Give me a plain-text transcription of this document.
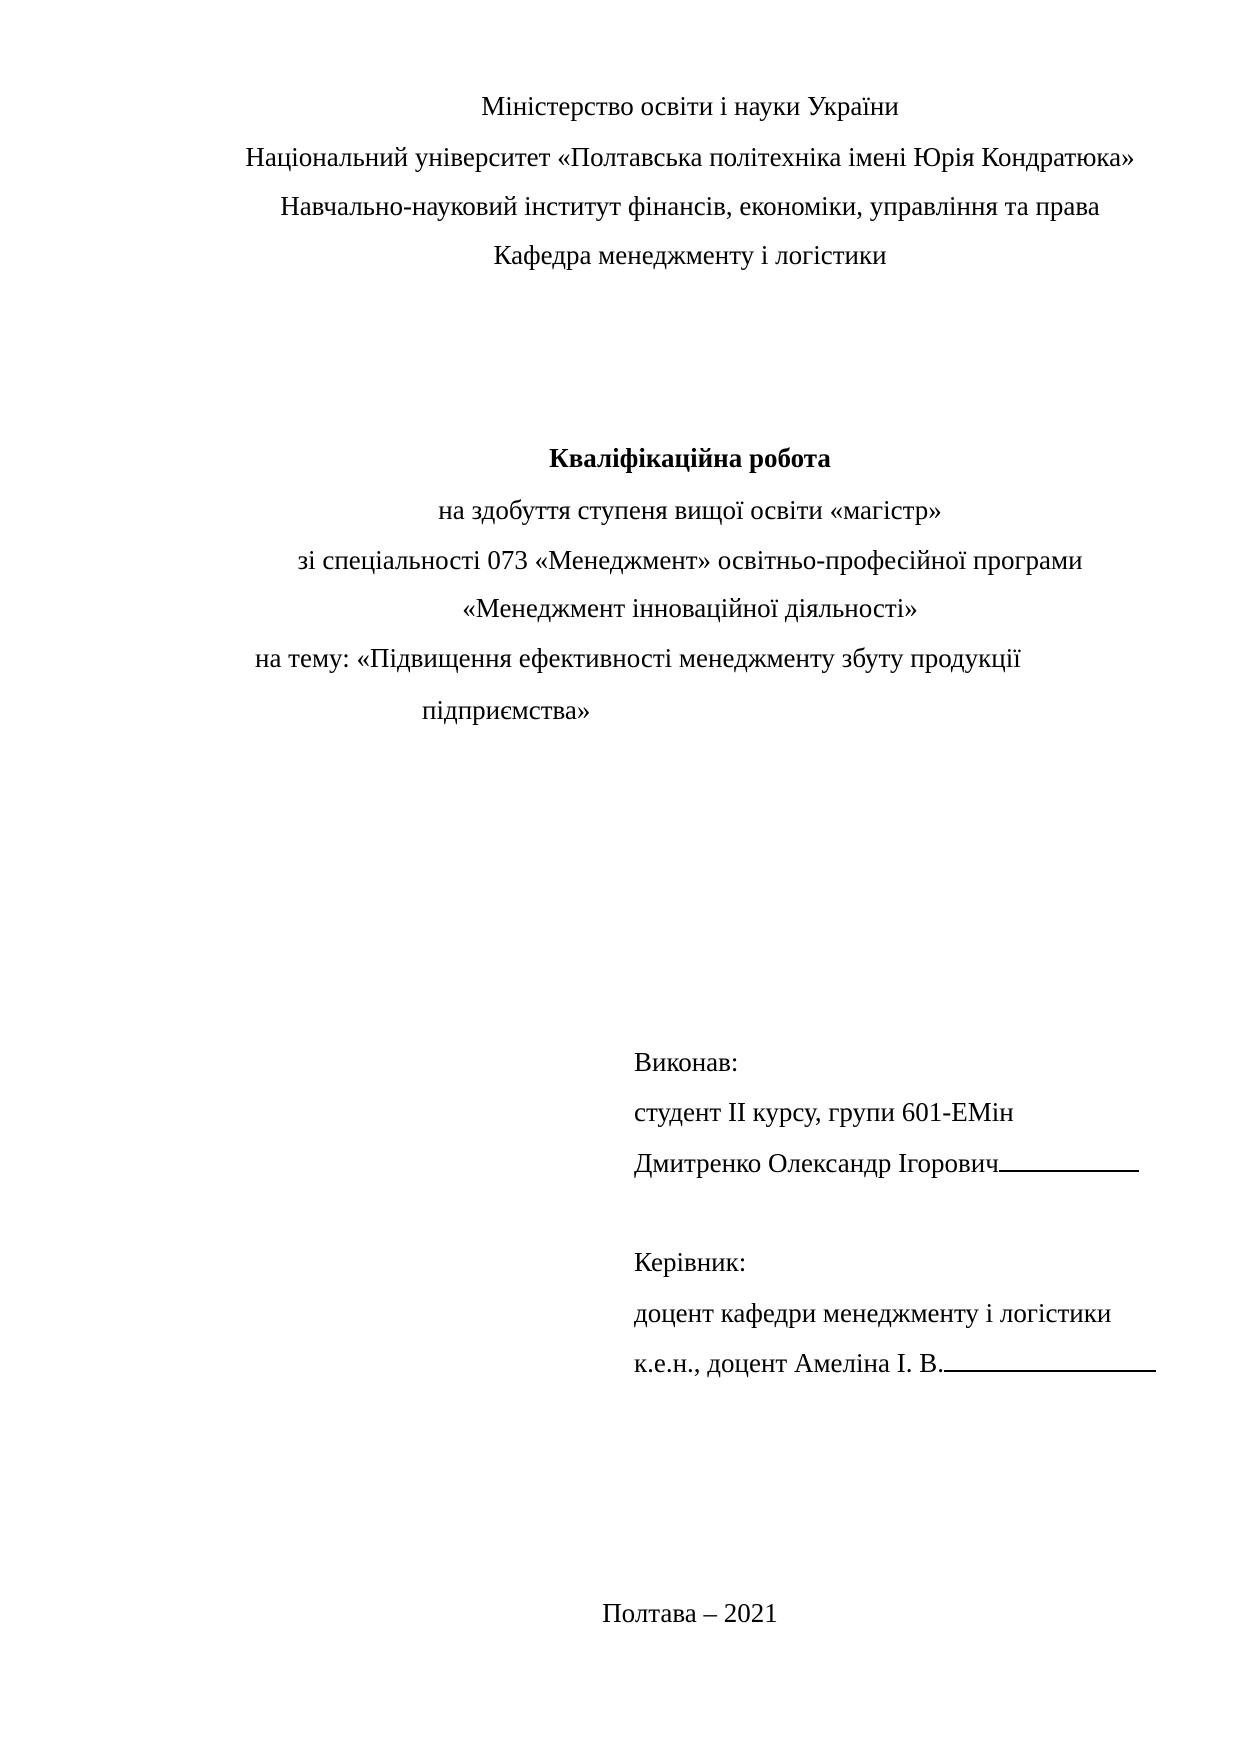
Міністерство освіти і науки України
Національний університет «Полтавська політехніка імені Юрія Кондратюка»
Навчально-науковий інститут фінансів, економіки, управління та права
Кафедра менеджменту і логістики
Кваліфікаційна робота
на здобуття ступеня вищої освіти «магістр»
зі спеціальності 073 «Менеджмент» освітньо-професійної програми
«Менеджмент інноваційної діяльності»
на тему: «Підвищення ефективності менеджменту збуту продукції
підприємства»
Виконав:
студент ІІ курсу, групи 601-ЕМін
Дмитренко Олександр Ігорович
Керівник:
доцент кафедри менеджменту і логістики
к.е.н., доцент Амеліна І. В.
Полтава – 2021
